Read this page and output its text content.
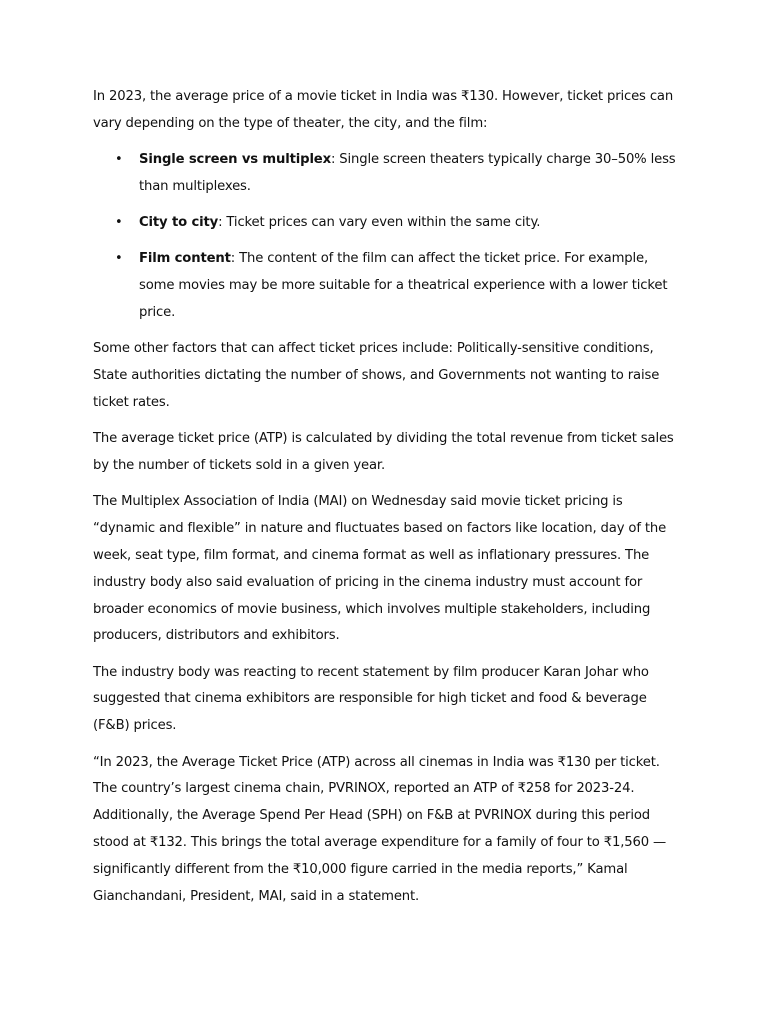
In 2023, the average price of a movie ticket in India was ₹130. However, ticket prices can vary depending on the type of theater, the city, and the film:

• Single screen vs multiplex: Single screen theaters typically charge 30–50% less than multiplexes.
• City to city: Ticket prices can vary even within the same city.
• Film content: The content of the film can affect the ticket price. For example, some movies may be more suitable for a theatrical experience with a lower ticket price.

Some other factors that can affect ticket prices include: Politically-sensitive conditions, State authorities dictating the number of shows, and Governments not wanting to raise ticket rates.

The average ticket price (ATP) is calculated by dividing the total revenue from ticket sales by the number of tickets sold in a given year.

The Multiplex Association of India (MAI) on Wednesday said movie ticket pricing is “dynamic and flexible” in nature and fluctuates based on factors like location, day of the week, seat type, film format, and cinema format as well as inflationary pressures. The industry body also said evaluation of pricing in the cinema industry must account for broader economics of movie business, which involves multiple stakeholders, including producers, distributors and exhibitors.

The industry body was reacting to recent statement by film producer Karan Johar who suggested that cinema exhibitors are responsible for high ticket and food & beverage (F&B) prices.

“In 2023, the Average Ticket Price (ATP) across all cinemas in India was ₹130 per ticket. The country’s largest cinema chain, PVRINOX, reported an ATP of ₹258 for 2023-24. Additionally, the Average Spend Per Head (SPH) on F&B at PVRINOX during this period stood at ₹132. This brings the total average expenditure for a family of four to ₹1,560 —significantly different from the ₹10,000 figure carried in the media reports,” Kamal Gianchandani, President, MAI, said in a statement.
